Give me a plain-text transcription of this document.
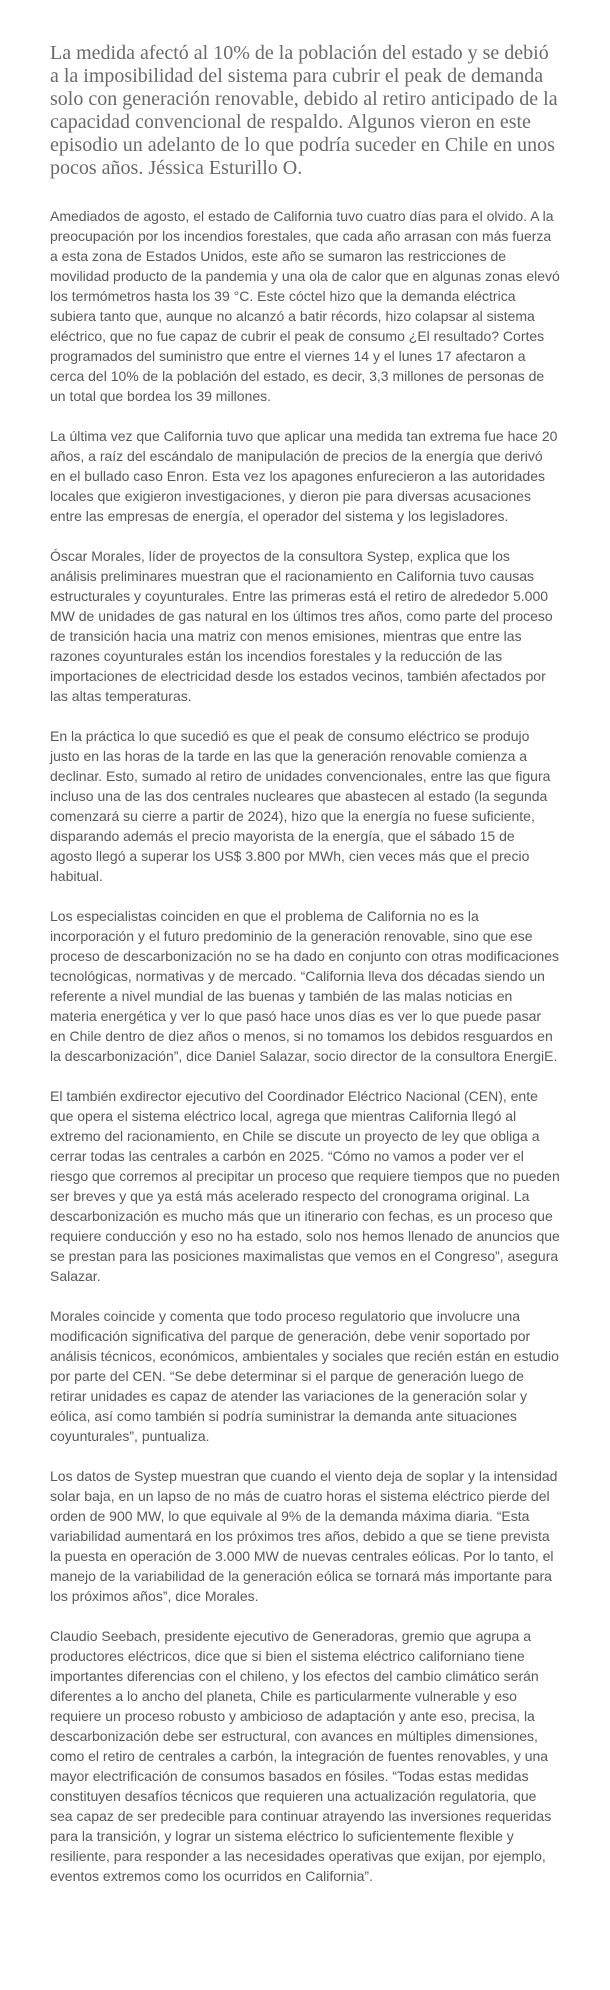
La medida afectó al 10% de la población del estado y se debió a la imposibilidad del sistema para cubrir el peak de demanda solo con generación renovable, debido al retiro anticipado de la capacidad convencional de respaldo. Algunos vieron en este episodio un adelanto de lo que podría suceder en Chile en unos pocos años. Jéssica Esturillo O.

Amediados de agosto, el estado de California tuvo cuatro días para el olvido. A la preocupación por los incendios forestales, que cada año arrasan con más fuerza a esta zona de Estados Unidos, este año se sumaron las restricciones de movilidad producto de la pandemia y una ola de calor que en algunas zonas elevó los termómetros hasta los 39 °C. Este cóctel hizo que la demanda eléctrica subiera tanto que, aunque no alcanzó a batir récords, hizo colapsar al sistema eléctrico, que no fue capaz de cubrir el peak de consumo ¿El resultado? Cortes programados del suministro que entre el viernes 14 y el lunes 17 afectaron a cerca del 10% de la población del estado, es decir, 3,3 millones de personas de un total que bordea los 39 millones.

La última vez que California tuvo que aplicar una medida tan extrema fue hace 20 años, a raíz del escándalo de manipulación de precios de la energía que derivó en el bullado caso Enron. Esta vez los apagones enfurecieron a las autoridades locales que exigieron investigaciones, y dieron pie para diversas acusaciones entre las empresas de energía, el operador del sistema y los legisladores.

Óscar Morales, líder de proyectos de la consultora Systep, explica que los análisis preliminares muestran que el racionamiento en California tuvo causas estructurales y coyunturales. Entre las primeras está el retiro de alrededor 5.000 MW de unidades de gas natural en los últimos tres años, como parte del proceso de transición hacia una matriz con menos emisiones, mientras que entre las razones coyunturales están los incendios forestales y la reducción de las importaciones de electricidad desde los estados vecinos, también afectados por las altas temperaturas.

En la práctica lo que sucedió es que el peak de consumo eléctrico se produjo justo en las horas de la tarde en las que la generación renovable comienza a declinar. Esto, sumado al retiro de unidades convencionales, entre las que figura incluso una de las dos centrales nucleares que abastecen al estado (la segunda comenzará su cierre a partir de 2024), hizo que la energía no fuese suficiente, disparando además el precio mayorista de la energía, que el sábado 15 de agosto llegó a superar los US$ 3.800 por MWh, cien veces más que el precio habitual.

Los especialistas coinciden en que el problema de California no es la incorporación y el futuro predominio de la generación renovable, sino que ese proceso de descarbonización no se ha dado en conjunto con otras modificaciones tecnológicas, normativas y de mercado. “California lleva dos décadas siendo un referente a nivel mundial de las buenas y también de las malas noticias en materia energética y ver lo que pasó hace unos días es ver lo que puede pasar en Chile dentro de diez años o menos, si no tomamos los debidos resguardos en la descarbonización”, dice Daniel Salazar, socio director de la consultora EnergiE.

El también exdirector ejecutivo del Coordinador Eléctrico Nacional (CEN), ente que opera el sistema eléctrico local, agrega que mientras California llegó al extremo del racionamiento, en Chile se discute un proyecto de ley que obliga a cerrar todas las centrales a carbón en 2025. “Cómo no vamos a poder ver el riesgo que corremos al precipitar un proceso que requiere tiempos que no pueden ser breves y que ya está más acelerado respecto del cronograma original. La descarbonización es mucho más que un itinerario con fechas, es un proceso que requiere conducción y eso no ha estado, solo nos hemos llenado de anuncios que se prestan para las posiciones maximalistas que vemos en el Congreso”, asegura Salazar.

Morales coincide y comenta que todo proceso regulatorio que involucre una modificación significativa del parque de generación, debe venir soportado por análisis técnicos, económicos, ambientales y sociales que recién están en estudio por parte del CEN. “Se debe determinar si el parque de generación luego de retirar unidades es capaz de atender las variaciones de la generación solar y eólica, así como también si podría suministrar la demanda ante situaciones coyunturales”, puntualiza.

Los datos de Systep muestran que cuando el viento deja de soplar y la intensidad solar baja, en un lapso de no más de cuatro horas el sistema eléctrico pierde del orden de 900 MW, lo que equivale al 9% de la demanda máxima diaria. “Esta variabilidad aumentará en los próximos tres años, debido a que se tiene prevista la puesta en operación de 3.000 MW de nuevas centrales eólicas. Por lo tanto, el manejo de la variabilidad de la generación eólica se tornará más importante para los próximos años”, dice Morales.

Claudio Seebach, presidente ejecutivo de Generadoras, gremio que agrupa a productores eléctricos, dice que si bien el sistema eléctrico californiano tiene importantes diferencias con el chileno, y los efectos del cambio climático serán diferentes a lo ancho del planeta, Chile es particularmente vulnerable y eso requiere un proceso robusto y ambicioso de adaptación y ante eso, precisa, la descarbonización debe ser estructural, con avances en múltiples dimensiones, como el retiro de centrales a carbón, la integración de fuentes renovables, y una mayor electrificación de consumos basados en fósiles. “Todas estas medidas constituyen desafíos técnicos que requieren una actualización regulatoria, que sea capaz de ser predecible para continuar atrayendo las inversiones requeridas para la transición, y lograr un sistema eléctrico lo suficientemente flexible y resiliente, para responder a las necesidades operativas que exijan, por ejemplo, eventos extremos como los ocurridos en California”.
